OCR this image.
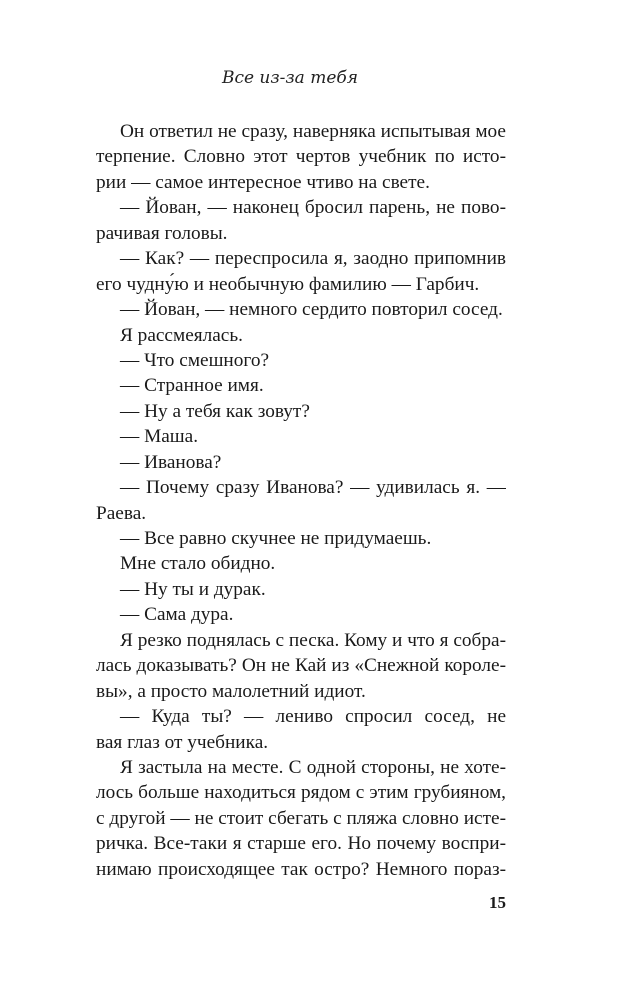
Все из-за тебя
Он ответил не сразу, наверняка испытывая мое
терпение. Словно этот чертов учебник по исто-
рии — самое интересное чтиво на свете.
— Йован, — наконец бросил парень, не пово-
рачивая головы.
— Как? — переспросила я, заодно припомнив
его чудну́ю и необычную фамилию — Гарбич.
— Йован, — немного сердито повторил сосед.
Я рассмеялась.
— Что смешного?
— Странное имя.
— Ну а тебя как зовут?
— Маша.
— Иванова?
— Почему сразу Иванова? — удивилась я. —
Раева.
— Все равно скучнее не придумаешь.
Мне стало обидно.
— Ну ты и дурак.
— Сама дура.
Я резко поднялась с песка. Кому и что я собра-
лась доказывать? Он не Кай из «Снежной короле-
вы», а просто малолетний идиот.
— Куда ты? — лениво спросил сосед, не
вая глаз от учебника.
Я застыла на месте. С одной стороны, не хоте-
лось больше находиться рядом с этим грубияном,
с другой — не стоит сбегать с пляжа словно исте-
ричка. Все-таки я старше его. Но почему воспри-
нимаю происходящее так остро? Немного пораз-
15
